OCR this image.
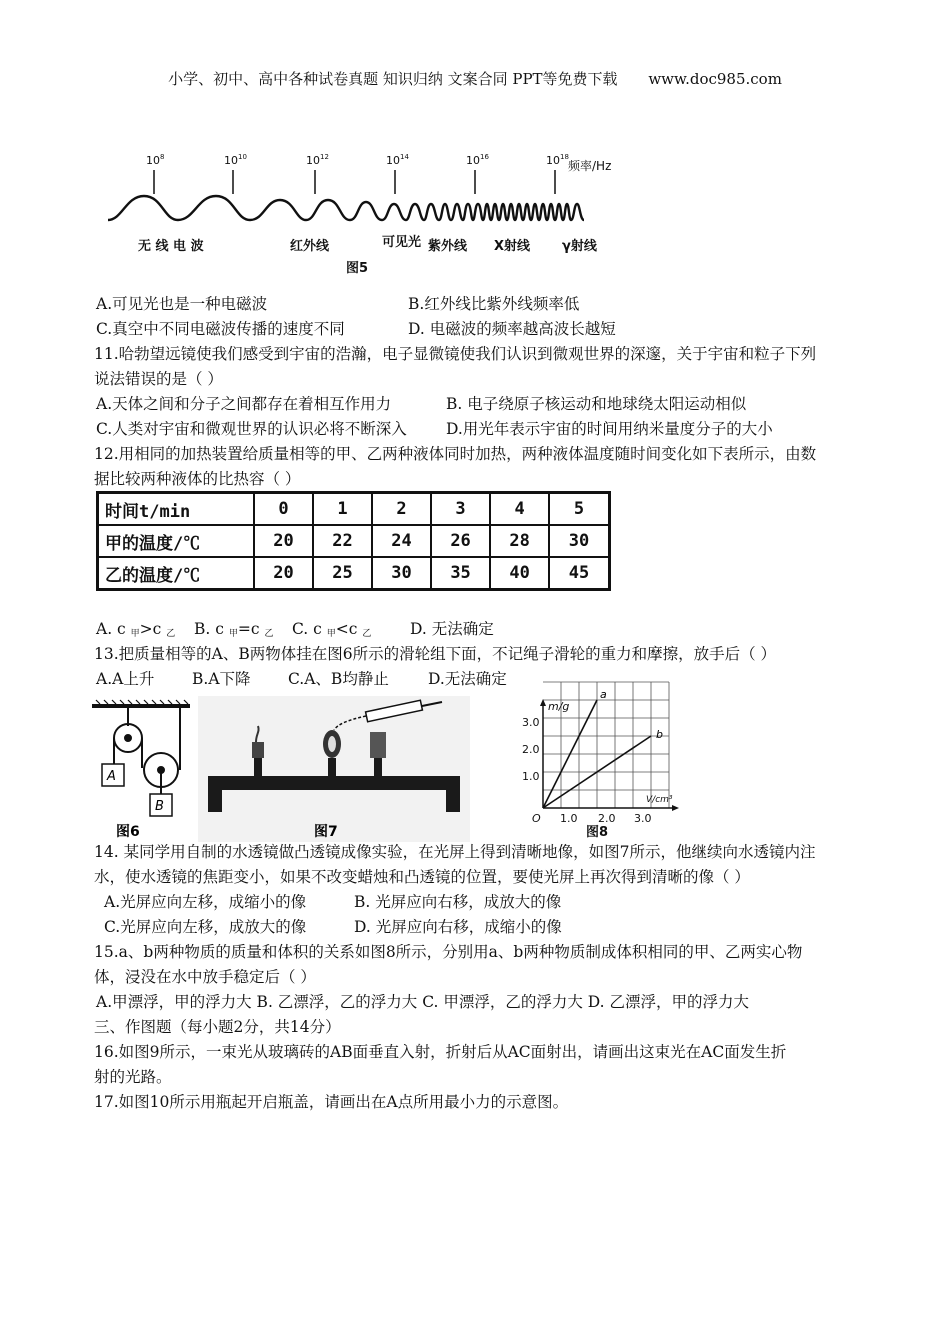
小学、初中、高中各种试卷真题 知识归纳 文案合同 PPT等免费下载 www.doc985.com
$10^8$	$10^{10}$	$10^{12}$	$10^{14}$	$10^{16}$	$10^{18}$
频率/Hz
无 线 电 波	红外线	可见光 紫外线 X射线 γ射线
图5
A.可见光也是一种电磁波	B.红外线比紫外线频率低
C.真空中不同电磁波传播的速度不同	D. 电磁波的频率越高波长越短
11.哈勃望远镜使我们感受到宇宙的浩瀚，电子显微镜使我们认识到微观世界的深邃，关于宇宙和粒子下列
说法错误的是（ ）
A.天体之间和分子之间都存在着相互作用力	B. 电子绕原子核运动和地球绕太阳运动相似
C.人类对宇宙和微观世界的认识必将不断深入	D.用光年表示宇宙的时间用纳米量度分子的大小
12.用相同的加热装置给质量相等的甲、乙两种液体同时加热，两种液体温度随时间变化如下表所示，由数
据比较两种液体的比热容（ ）
时间t/min	0	1	2	3	4	5
甲的温度/℃	20	22	24	26	28	30
乙的温度/℃	20	25	30	35	40	45
A. c $_甲$>c $_乙$ B. c $_甲$=c $_乙$ C. c $_甲$<c $_乙$ D. 无法确定
13.把质量相等的A、B两物体挂在图6所示的滑轮组下面，不记绳子滑轮的重力和摩擦，放手后（ ）
A.A上升 B.A下降 C.A、B均静止	D.无法确定
A
B
图6	图7
m/g
V/cm³
O
3.0
2.0
1.0
1.0 2.0 3.0
图8
a
b
14. 某同学用自制的水透镜做凸透镜成像实验，在光屏上得到清晰地像，如图7所示，他继续向水透镜内注
水，使水透镜的焦距变小，如果不改变蜡烛和凸透镜的位置，要使光屏上再次得到清晰的像（ ）
A.光屏应向左移，成缩小的像	B. 光屏应向右移，成放大的像
C.光屏应向左移，成放大的像	D. 光屏应向右移，成缩小的像
15.a、b两种物质的质量和体积的关系如图8所示，分别用a、b两种物质制成体积相同的甲、乙两实心物
体，浸没在水中放手稳定后（ ）
A.甲漂浮，甲的浮力大 B. 乙漂浮，乙的浮力大 C. 甲漂浮，乙的浮力大 D. 乙漂浮，甲的浮力大
三、作图题（每小题2分，共14分）
16.如图9所示，一束光从玻璃砖的AB面垂直入射，折射后从AC面射出，请画出这束光在AC面发生折
射的光路。
17.如图10所示用瓶起开启瓶盖，请画出在A点所用最小力的示意图。
